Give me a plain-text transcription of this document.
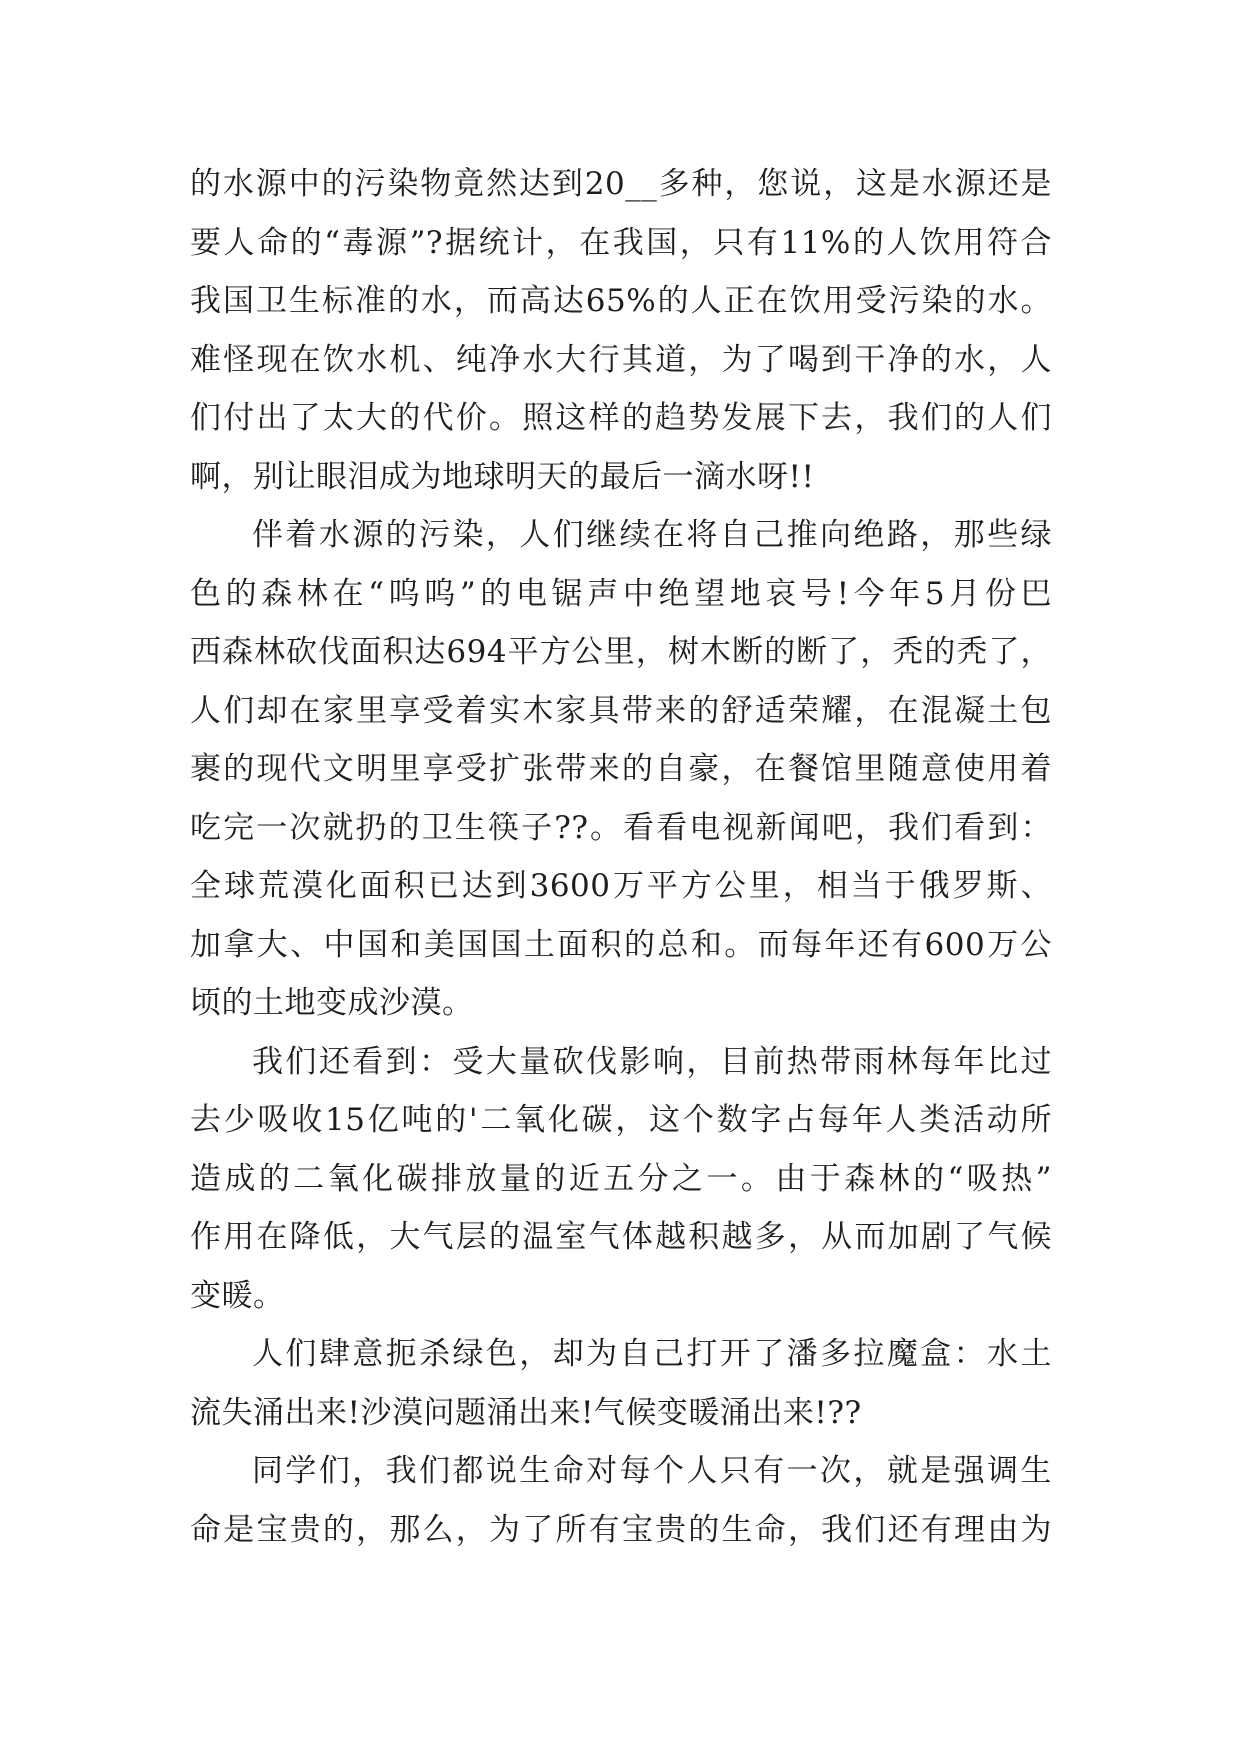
的水源中的污染物竟然达到20__多种，您说，这是水源还是
要人命的“毒源”?据统计，在我国，只有11%的人饮用符合
我国卫生标准的水，而高达65%的人正在饮用受污染的水。
难怪现在饮水机、纯净水大行其道，为了喝到干净的水，人
们付出了太大的代价。照这样的趋势发展下去，我们的人们
啊，别让眼泪成为地球明天的最后一滴水呀!!
伴着水源的污染，人们继续在将自己推向绝路，那些绿
色的森林在“呜呜”的电锯声中绝望地哀号!今年5月份巴
西森林砍伐面积达694平方公里，树木断的断了，秃的秃了，
人们却在家里享受着实木家具带来的舒适荣耀，在混凝土包
裹的现代文明里享受扩张带来的自豪，在餐馆里随意使用着
吃完一次就扔的卫生筷子??。看看电视新闻吧，我们看到：
全球荒漠化面积已达到3600万平方公里，相当于俄罗斯、
加拿大、中国和美国国土面积的总和。而每年还有600万公
顷的土地变成沙漠。
我们还看到：受大量砍伐影响，目前热带雨林每年比过
去少吸收15亿吨的'二氧化碳，这个数字占每年人类活动所
造成的二氧化碳排放量的近五分之一。由于森林的“吸热”
作用在降低，大气层的温室气体越积越多，从而加剧了气候
变暖。
人们肆意扼杀绿色，却为自己打开了潘多拉魔盒：水土
流失涌出来!沙漠问题涌出来!气候变暖涌出来!??
同学们，我们都说生命对每个人只有一次，就是强调生
命是宝贵的，那么，为了所有宝贵的生命，我们还有理由为
